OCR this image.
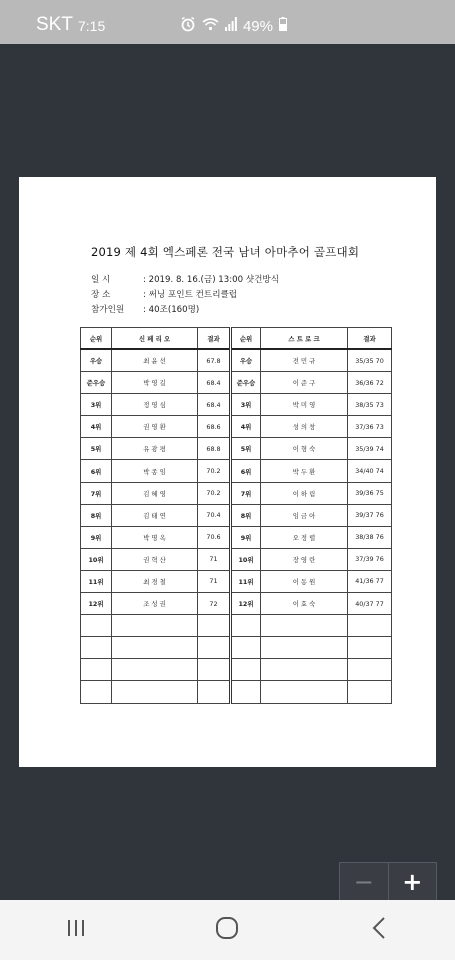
SKT 7:15	49%
2019 제 4회 엑스페론 전국 남녀 아마추어 골프대회
일 시	: 2019. 8. 16.(금) 13:00 샷건방식
장 소	: 써닝 포인트 컨트리클럽
참가인원 : 40조(160명)
순위	신 페 리 오	결과	순위	스 트 로 크	결과
우승	최 윤 선	67.8	우승	전 민 규	35/35 70
준우승	박 영 길	68.4	준우승	이 준 구	36/36 72
3위	정 영 심	68.4	3위	박 미 영	38/35 73
4위	권 영 환	68.6	4위	성 의 창	37/36 73
5위	유 광 평	68.8	5위	이 형 숙	35/39 74
6위	박 종 임	70.2	6위	박 두 환	34/40 74
7위	김 혜 영	70.2	7위	이 하 림	39/36 75
8위	김 태 연	70.4	8위	임 금 아	39/37 76
9위	박 명 옥	70.6	9위	오 정 렬	38/38 76
10위	권 혁 산	71	10위	장 영 란	37/39 76
11위	최 경 철	71	11위	이 동 원	41/36 77
12위	조 성 권	72	12위	이 효 숙	40/37 77

−	+
